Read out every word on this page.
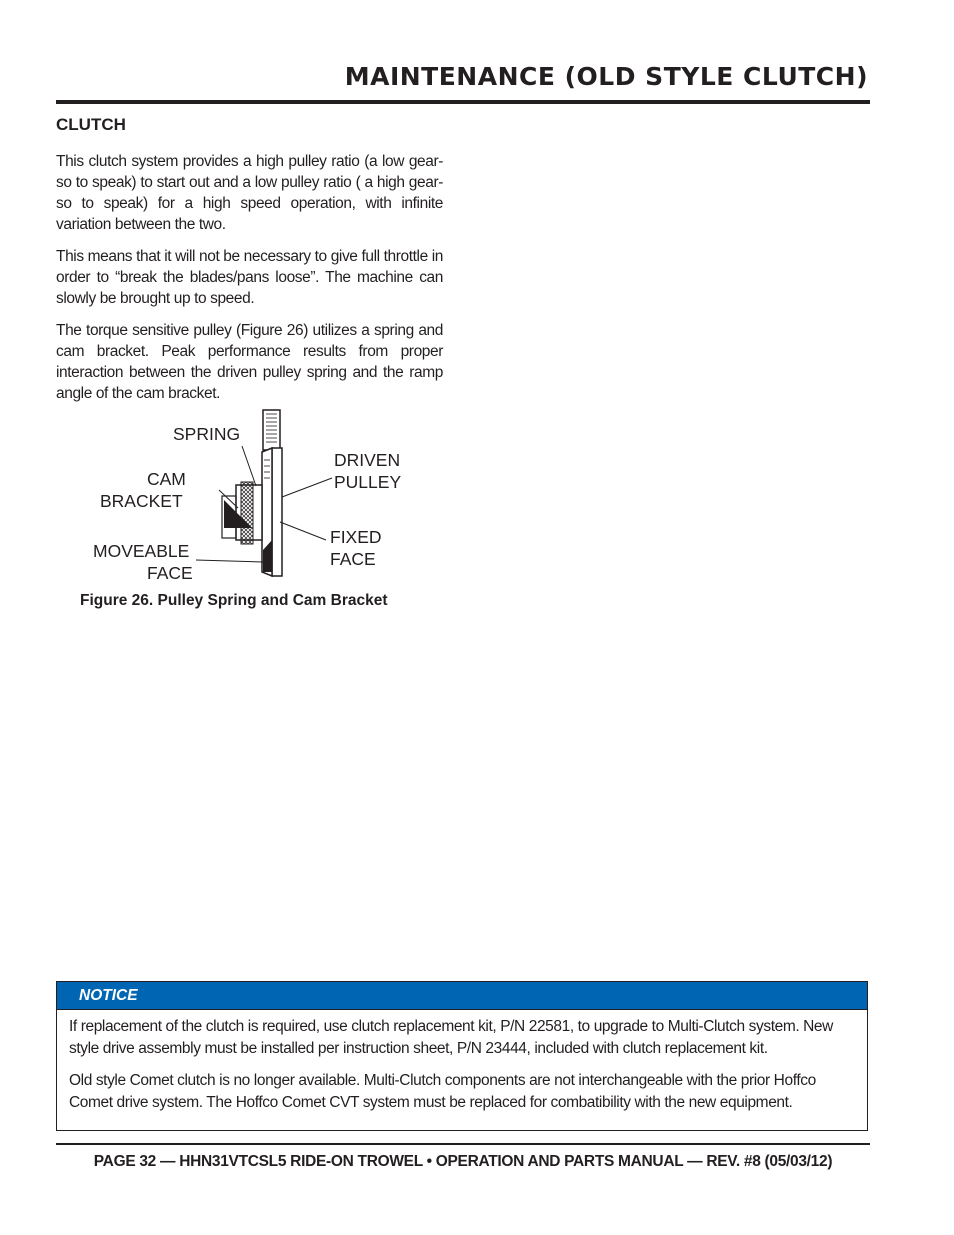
MAINTENANCE (OLD STYLE CLUTCH)
CLUTCH

This clutch system provides a high pulley ratio (a low gear- so to speak) to start out and a low pulley ratio ( a high gear- so to speak) for a high speed operation, with infinite variation between the two.

This means that it will not be necessary to give full throttle in order to “break the blades/pans loose”. The machine can slowly be brought up to speed.

The torque sensitive pulley (Figure 26) utilizes a spring and cam bracket. Peak performance results from proper interaction between the driven pulley spring and the ramp angle of the cam bracket.

SPRING
CAM
BRACKET
MOVEABLE
FACE
DRIVEN
PULLEY
FIXED
FACE
Figure 26. Pulley Spring and Cam Bracket
NOTICE

If replacement of the clutch is required, use clutch replacement kit, P/N 22581, to upgrade to Multi-Clutch system. New style drive assembly must be installed per instruction sheet, P/N 23444, included with clutch replacement kit.

Old style Comet clutch is no longer available. Multi-Clutch components are not interchangeable with the prior Hoffco Comet drive system. The Hoffco Comet CVT system must be replaced for combatibility with the new equipment.

PAGE 32 — HHN31VTCSL5 RIDE-ON TROWEL • OPERATION AND PARTS MANUAL — REV. #8 (05/03/12)
